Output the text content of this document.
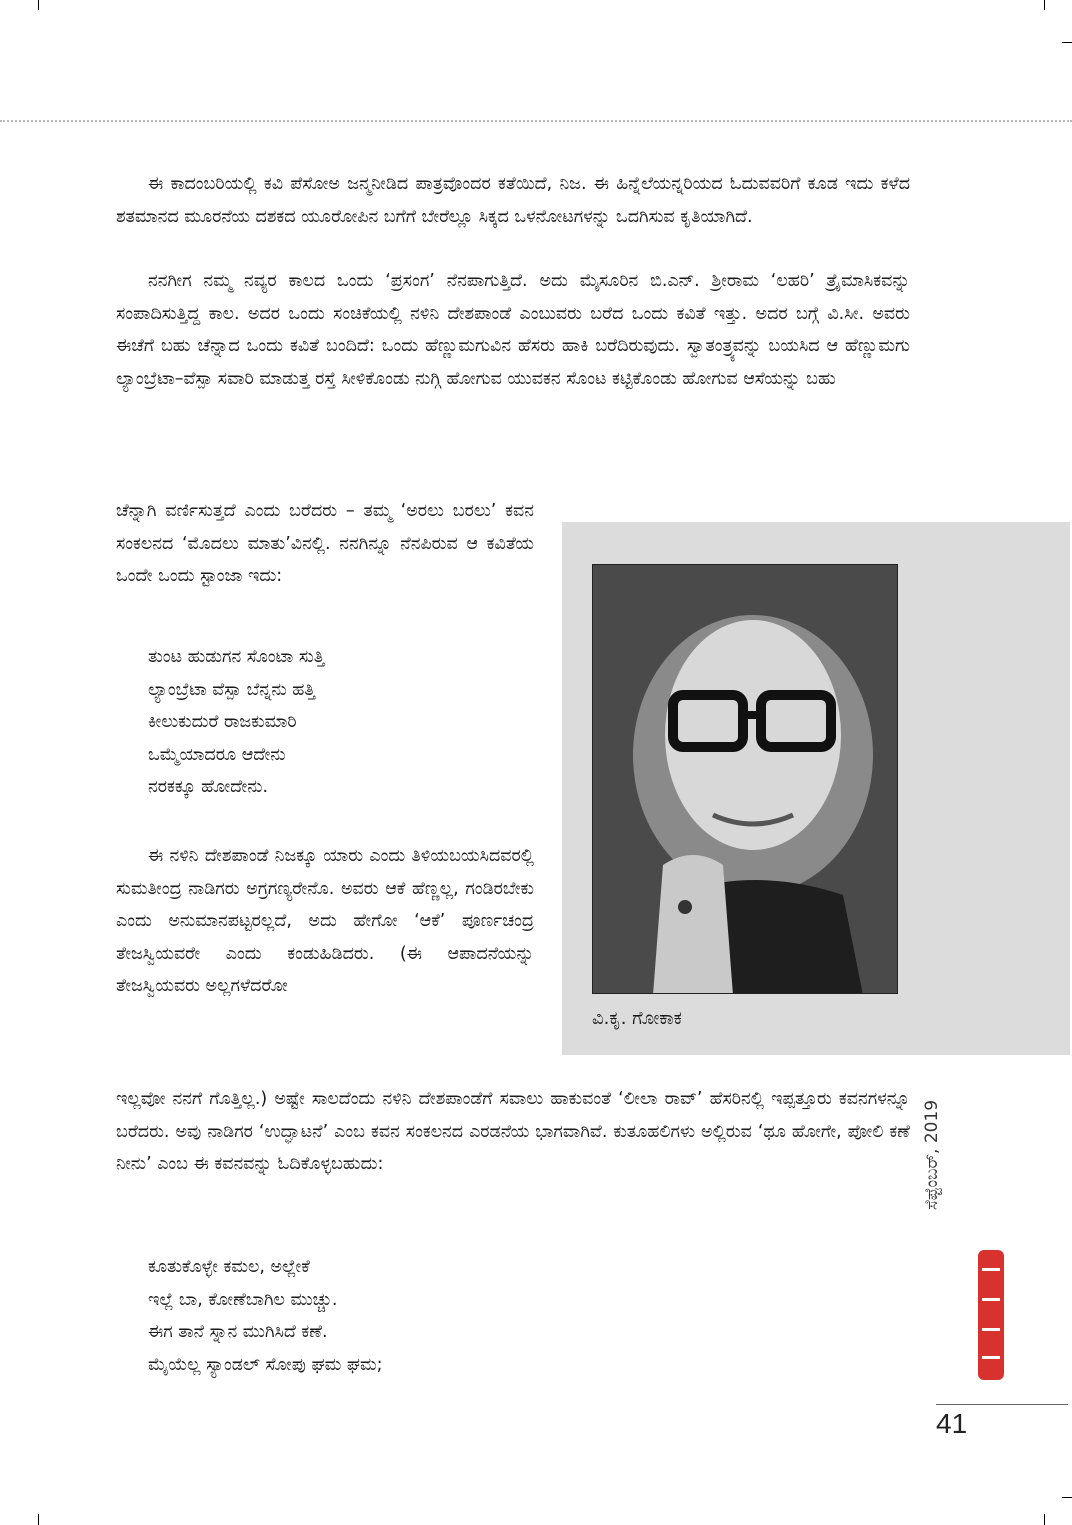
ಈ ಕಾದಂಬರಿಯಲ್ಲಿ ಕವಿ ಪೆಸೋಅ ಜನ್ಮನೀಡಿದ ಪಾತ್ರವೊಂದರ ಕತೆಯಿದೆ, ನಿಜ. ಈ ಹಿನ್ನೆಲೆಯನ್ನರಿಯದ ಓದುವವರಿಗೆ ಕೂಡ ಇದು ಕಳೆದ ಶತಮಾನದ ಮೂರನೆಯ ದಶಕದ ಯೂರೋಪಿನ ಬಗೆಗೆ ಬೇರೆಲ್ಲೂ ಸಿಕ್ಕದ ಒಳನೋಟಗಳನ್ನು ಒದಗಿಸುವ ಕೃತಿಯಾಗಿದೆ.

ನನಗೀಗ ನಮ್ಮ ನವ್ಯರ ಕಾಲದ ಒಂದು ‘ಪ್ರಸಂಗ’ ನೆನಪಾಗುತ್ತಿದೆ. ಅದು ಮೈಸೂರಿನ ಬಿ.ಎನ್. ಶ್ರೀರಾಮ ‘ಲಹರಿ’ ತ್ರೈಮಾಸಿಕವನ್ನು ಸಂಪಾದಿಸುತ್ತಿದ್ದ ಕಾಲ. ಅದರ ಒಂದು ಸಂಚಿಕೆಯಲ್ಲಿ ನಳಿನಿ ದೇಶಪಾಂಡೆ ಎಂಬುವರು ಬರೆದ ಒಂದು ಕವಿತೆ ಇತ್ತು. ಅದರ ಬಗ್ಗೆ ವಿ.ಸೀ. ಅವರು ಈಚೆಗೆ ಬಹು ಚೆನ್ನಾದ ಒಂದು ಕವಿತೆ ಬಂದಿದೆ: ಒಂದು ಹೆಣ್ಣುಮಗುವಿನ ಹೆಸರು ಹಾಕಿ ಬರೆದಿರುವುದು. ಸ್ವಾತಂತ್ರ್ಯವನ್ನು ಬಯಸಿದ ಆ ಹೆಣ್ಣುಮಗು ಲ್ಯಾಂಬ್ರೆಟಾ–ವೆಸ್ಪಾ ಸವಾರಿ ಮಾಡುತ್ತ ರಸ್ತೆ ಸೀಳಿಕೊಂಡು ನುಗ್ಗಿ ಹೋಗುವ ಯುವಕನ ಸೊಂಟ ಕಟ್ಟಿಕೊಂಡು ಹೋಗುವ ಆಸೆಯನ್ನು ಬಹು

ಚೆನ್ನಾಗಿ ವರ್ಣಿಸುತ್ತದೆ ಎಂದು ಬರೆದರು – ತಮ್ಮ ‘ಅರಲು ಬರಲು’ ಕವನ ಸಂಕಲನದ ‘ಮೊದಲು ಮಾತು’ವಿನಲ್ಲಿ. ನನಗಿನ್ನೂ ನೆನಪಿರುವ ಆ ಕವಿತೆಯ ಒಂದೇ ಒಂದು ಸ್ಟಾಂಜಾ ಇದು:

ತುಂಟ ಹುಡುಗನ ಸೊಂಟಾ ಸುತ್ತಿ
ಲ್ಯಾಂಬ್ರೆಟಾ ವೆಸ್ಪಾ ಬೆನ್ನನು ಹತ್ತಿ
ಕೀಲುಕುದುರೆ ರಾಜಕುಮಾರಿ
ಒಮ್ಮೆಯಾದರೂ ಆದೇನು
ನರಕಕ್ಕೂ ಹೋದೇನು.

ಈ ನಳಿನಿ ದೇಶಪಾಂಡೆ ನಿಜಕ್ಕೂ ಯಾರು ಎಂದು ತಿಳಿಯಬಯಸಿದವರಲ್ಲಿ ಸುಮತೀಂದ್ರ ನಾಡಿಗರು ಅಗ್ರಗಣ್ಯರೇನೊ. ಅವರು ಆಕೆ ಹೆಣ್ಣಲ್ಲ, ಗಂಡಿರಬೇಕು ಎಂದು ಅನುಮಾನಪಟ್ಟರಲ್ಲದೆ, ಅದು ಹೇಗೋ ‘ಆಕೆ’ ಪೂರ್ಣಚಂದ್ರ ತೇಜಸ್ವಿಯವರೇ ಎಂದು ಕಂಡುಹಿಡಿದರು. (ಈ ಆಪಾದನೆಯನ್ನು ತೇಜಸ್ವಿಯವರು ಅಲ್ಲಗಳೆದರೋ

ಇಲ್ಲವೋ ನನಗೆ ಗೊತ್ತಿಲ್ಲ.) ಅಷ್ಟೇ ಸಾಲದೆಂದು ನಳಿನಿ ದೇಶಪಾಂಡೆಗೆ ಸವಾಲು ಹಾಕುವಂತೆ ‘ಲೀಲಾ ರಾವ್’ ಹೆಸರಿನಲ್ಲಿ ಇಪ್ಪತ್ತೂರು ಕವನಗಳನ್ನೂ ಬರೆದರು. ಅವು ನಾಡಿಗರ ‘ಉದ್ಘಾಟನೆ’ ಎಂಬ ಕವನ ಸಂಕಲನದ ಎರಡನೆಯ ಭಾಗವಾಗಿವೆ. ಕುತೂಹಲಿಗಳು ಅಲ್ಲಿರುವ ‘ಥೂ ಹೋಗೇ, ಪೋಲಿ ಕಣೆ ನೀನು’ ಎಂಬ ಈ ಕವನವನ್ನು ಓದಿಕೊಳ್ಳಬಹುದು:

ಕೂತುಕೊಳ್ಳೇ ಕಮಲ, ಅಲ್ಲೇಕೆ
ಇಲ್ಲೆ ಬಾ, ಕೋಣೆಬಾಗಿಲ ಮುಚ್ಚು.
ಈಗ ತಾನೆ ಸ್ನಾನ ಮುಗಿಸಿದೆ ಕಣೆ.
ಮೈಯೆಲ್ಲ ಸ್ಯಾಂಡಲ್ ಸೋಪು ಘಮ ಘಮ;
ವಿ.ಕೃ. ಗೋಕಾಕ
ಸೆಪ್ಟೆಂಬರ್, 2019
41
